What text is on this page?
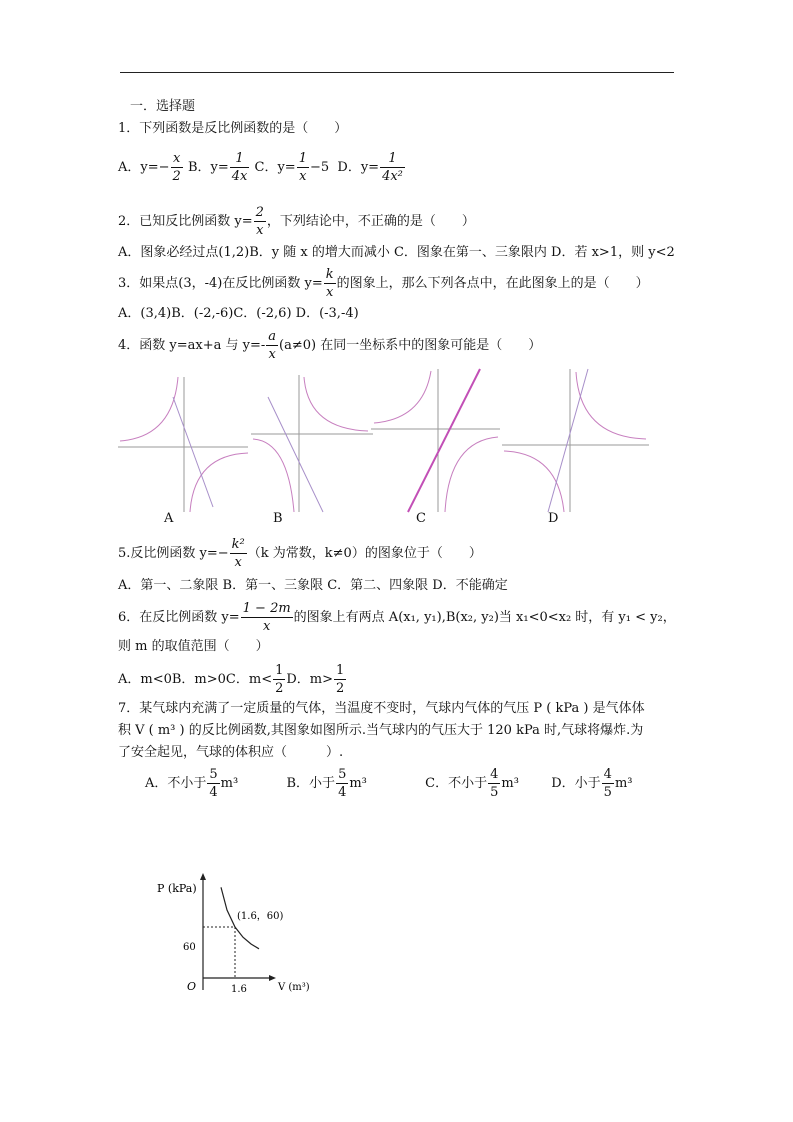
一．选择题
1．下列函数是反比例函数的是（　　）
A．$y=- \frac{x}{2}$ B．$y= \frac{1}{4x}$ C．$y= \frac{1}{x} -5$ D．$y= \frac{1}{\text{4x²}}$
2．已知反比例函数 $y= \frac{2}{x}$ ，下列结论中，不正确的是（　　）
A．图象必经过点(1,2)B．y 随 x 的增大而减小 C．图象在第一、三象限内 D．若 x>1，则 y<2
3．如果点(3，-4)在反比例函数 $y= \frac{k}{x}$ 的图象上，那么下列各点中，在此图象上的是（　　）
A．(3,4)B．(-2,-6)C．(-2,6) D．(-3,-4)
4．函数 y=ax+a 与 $y=- \frac{a}{x} (a\ne 0)$ 在同一坐标系中的图象可能是（　　）
A	B	C	D
5.反比例函数 $y=- \frac{\text{k²}}{x} (k$ 为常数，k≠0）的图象位于（　　）
A．第一、二象限 B．第一、三象限 C．第二、四象限 D．不能确定
6．在反比例函数 $y= \frac{1 - 2m}{x}$ 的图象上有两点 A(x₁, y₁),B(x₂, y₂)当 x₁<0<x₂ 时，有 y₁ < y₂，
则 m 的取值范围（　　）
A．m<0B．m>0C．$m< \frac{1}{2}$ D．$m> \frac{1}{2}$
7．某气球内充满了一定质量的气体，当温度不变时，气球内气体的气压 P ( kPa ) 是气体体
积 V ( m³ ) 的反比例函数,其图象如图所示.当气球内的气压大于 120 kPa 时,气球将爆炸.为
了安全起见，气球的体积应（　　　）.
A．不小于 $\frac{5}{4} m^3$	B．小于 $\frac{5}{4} m^3$	C．不小于 $\frac{4}{5} m^3$ D．小于 $\frac{4}{5} m^3$
P (kPa)
V (m³)
O
60
1.6
(1.6，60)
